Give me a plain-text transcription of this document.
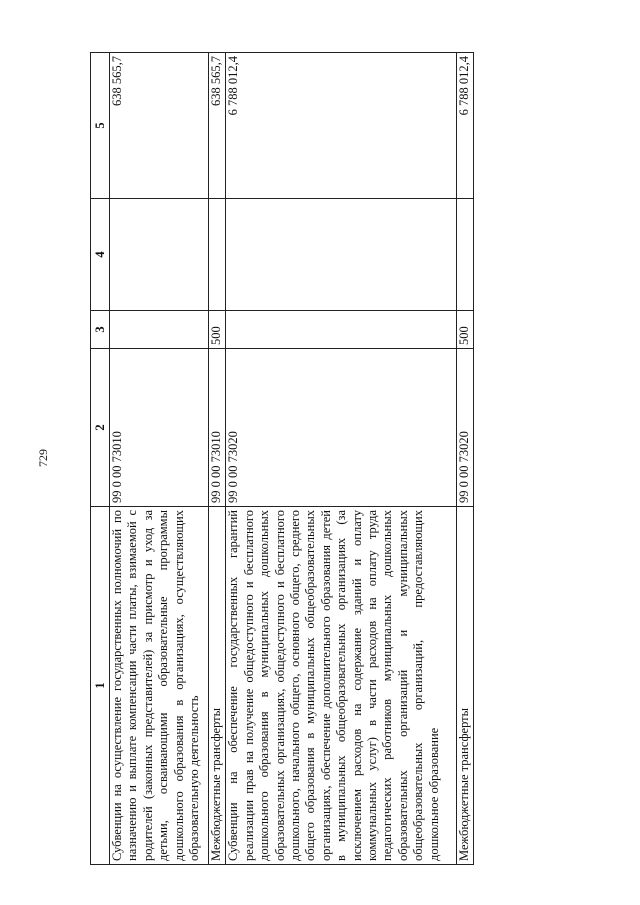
729
1	2	3	4	5
Субвенции на осуществление государственных полномочий по назначению и выплате компенсации части платы, взимаемой с родителей (законных представителей) за присмотр и уход за детьми, осваивающими образовательные программы дошкольного образования в организациях, осуществляющих образовательную деятельность	99 0 00 73010			638 565,7
Межбюджетные трансферты	99 0 00 73010	500		638 565,7
Субвенции на обеспечение государственных гарантий реализации прав на получение общедоступного и бесплатного дошкольного образования в муниципальных дошкольных образовательных организациях, общедоступного и бесплатного дошкольного, начального общего, основного общего, среднего общего образования в муниципальных общеобразовательных организациях, обеспечение дополнительного образования детей в муниципальных общеобразовательных организациях (за исключением расходов на содержание зданий и оплату коммунальных услуг) в части расходов на оплату труда педагогических работников муниципальных дошкольных образовательных организаций и муниципальных общеобразовательных организаций, предоставляющих дошкольное образование	99 0 00 73020			6 788 012,4
Межбюджетные трансферты	99 0 00 73020	500		6 788 012,4
